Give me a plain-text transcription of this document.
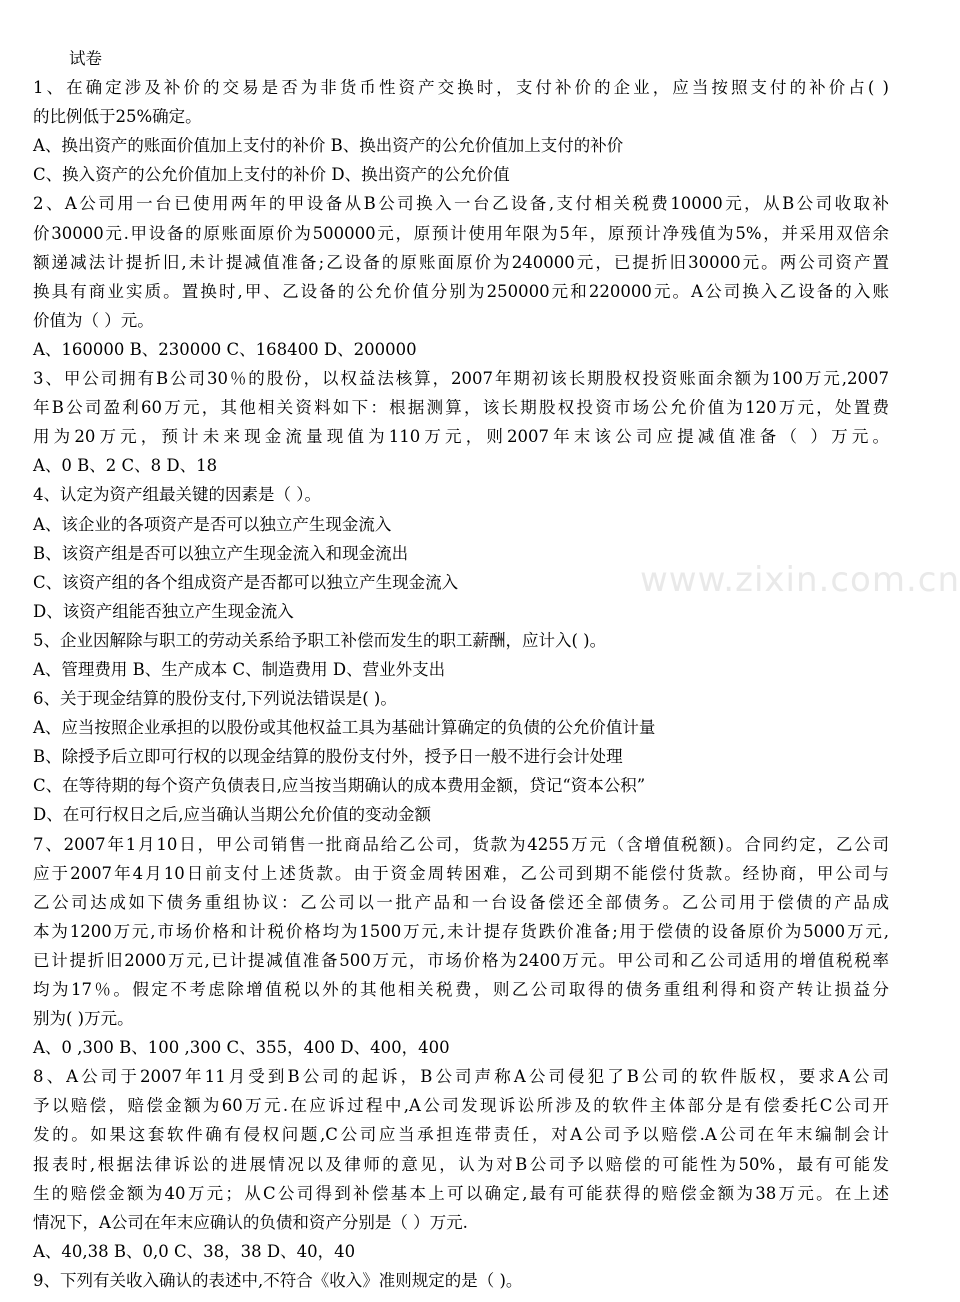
www.zixin.com.cn
试卷
1、在确定涉及补价的交易是否为非货币性资产交换时，支付补价的企业，应当按照支付的补价占( )
的比例低于25%确定。
A、换出资产的账面价值加上支付的补价 B、换出资产的公允价值加上支付的补价
C、换入资产的公允价值加上支付的补价 D、换出资产的公允价值
2、A公司用一台已使用两年的甲设备从B公司换入一台乙设备,支付相关税费10000元，从B公司收取补
价30000元.甲设备的原账面原价为500000元，原预计使用年限为5年，原预计净残值为5%，并采用双倍余
额递减法计提折旧,未计提减值准备;乙设备的原账面原价为240000元，已提折旧30000元。两公司资产置
换具有商业实质。置换时,甲、乙设备的公允价值分别为250000元和220000元。A公司换入乙设备的入账
价值为（ ）元。
A、160000 B、230000 C、168400 D、200000
3、甲公司拥有B公司30％的股份，以权益法核算，2007年期初该长期股权投资账面余额为100万元,2007
年B公司盈利60万元，其他相关资料如下：根据测算，该长期股权投资市场公允价值为120万元，处置费
用为20万元，预计未来现金流量现值为110万元，则2007年末该公司应提减值准备（ ）万元。
A、0 B、2 C、8 D、18
4、认定为资产组最关键的因素是（ ）。
A、该企业的各项资产是否可以独立产生现金流入
B、该资产组是否可以独立产生现金流入和现金流出
C、该资产组的各个组成资产是否都可以独立产生现金流入
D、该资产组能否独立产生现金流入
5、企业因解除与职工的劳动关系给予职工补偿而发生的职工薪酬，应计入( )。
A、管理费用 B、生产成本 C、制造费用 D、营业外支出
6、关于现金结算的股份支付,下列说法错误是( )。
A、应当按照企业承担的以股份或其他权益工具为基础计算确定的负债的公允价值计量
B、除授予后立即可行权的以现金结算的股份支付外，授予日一般不进行会计处理
C、在等待期的每个资产负债表日,应当按当期确认的成本费用金额，贷记“资本公积”
D、在可行权日之后,应当确认当期公允价值的变动金额
7、2007年1月10日，甲公司销售一批商品给乙公司，货款为4255万元（含增值税额)。合同约定，乙公司
应于2007年4月10日前支付上述货款。由于资金周转困难，乙公司到期不能偿付货款。经协商，甲公司与
乙公司达成如下债务重组协议：乙公司以一批产品和一台设备偿还全部债务。乙公司用于偿债的产品成
本为1200万元,市场价格和计税价格均为1500万元,未计提存货跌价准备;用于偿债的设备原价为5000万元,
已计提折旧2000万元,已计提减值准备500万元，市场价格为2400万元。甲公司和乙公司适用的增值税税率
均为17％。假定不考虑除增值税以外的其他相关税费，则乙公司取得的债务重组利得和资产转让损益分
别为( )万元。
A、0 ,300 B、100 ,300 C、355，400 D、400，400
8、A公司于2007年11月受到B公司的起诉，B公司声称A公司侵犯了B公司的软件版权，要求A公司
予以赔偿，赔偿金额为60万元.在应诉过程中,A公司发现诉讼所涉及的软件主体部分是有偿委托C公司开
发的。如果这套软件确有侵权问题,C公司应当承担连带责任，对A公司予以赔偿.A公司在年末编制会计
报表时,根据法律诉讼的进展情况以及律师的意见，认为对B公司予以赔偿的可能性为50%，最有可能发
生的赔偿金额为40万元；从C公司得到补偿基本上可以确定,最有可能获得的赔偿金额为38万元。在上述
情况下，A公司在年末应确认的负债和资产分别是（ ）万元.
A、40,38 B、0,0 C、38，38 D、40，40
9、下列有关收入确认的表述中,不符合《收入》准则规定的是（ )。
